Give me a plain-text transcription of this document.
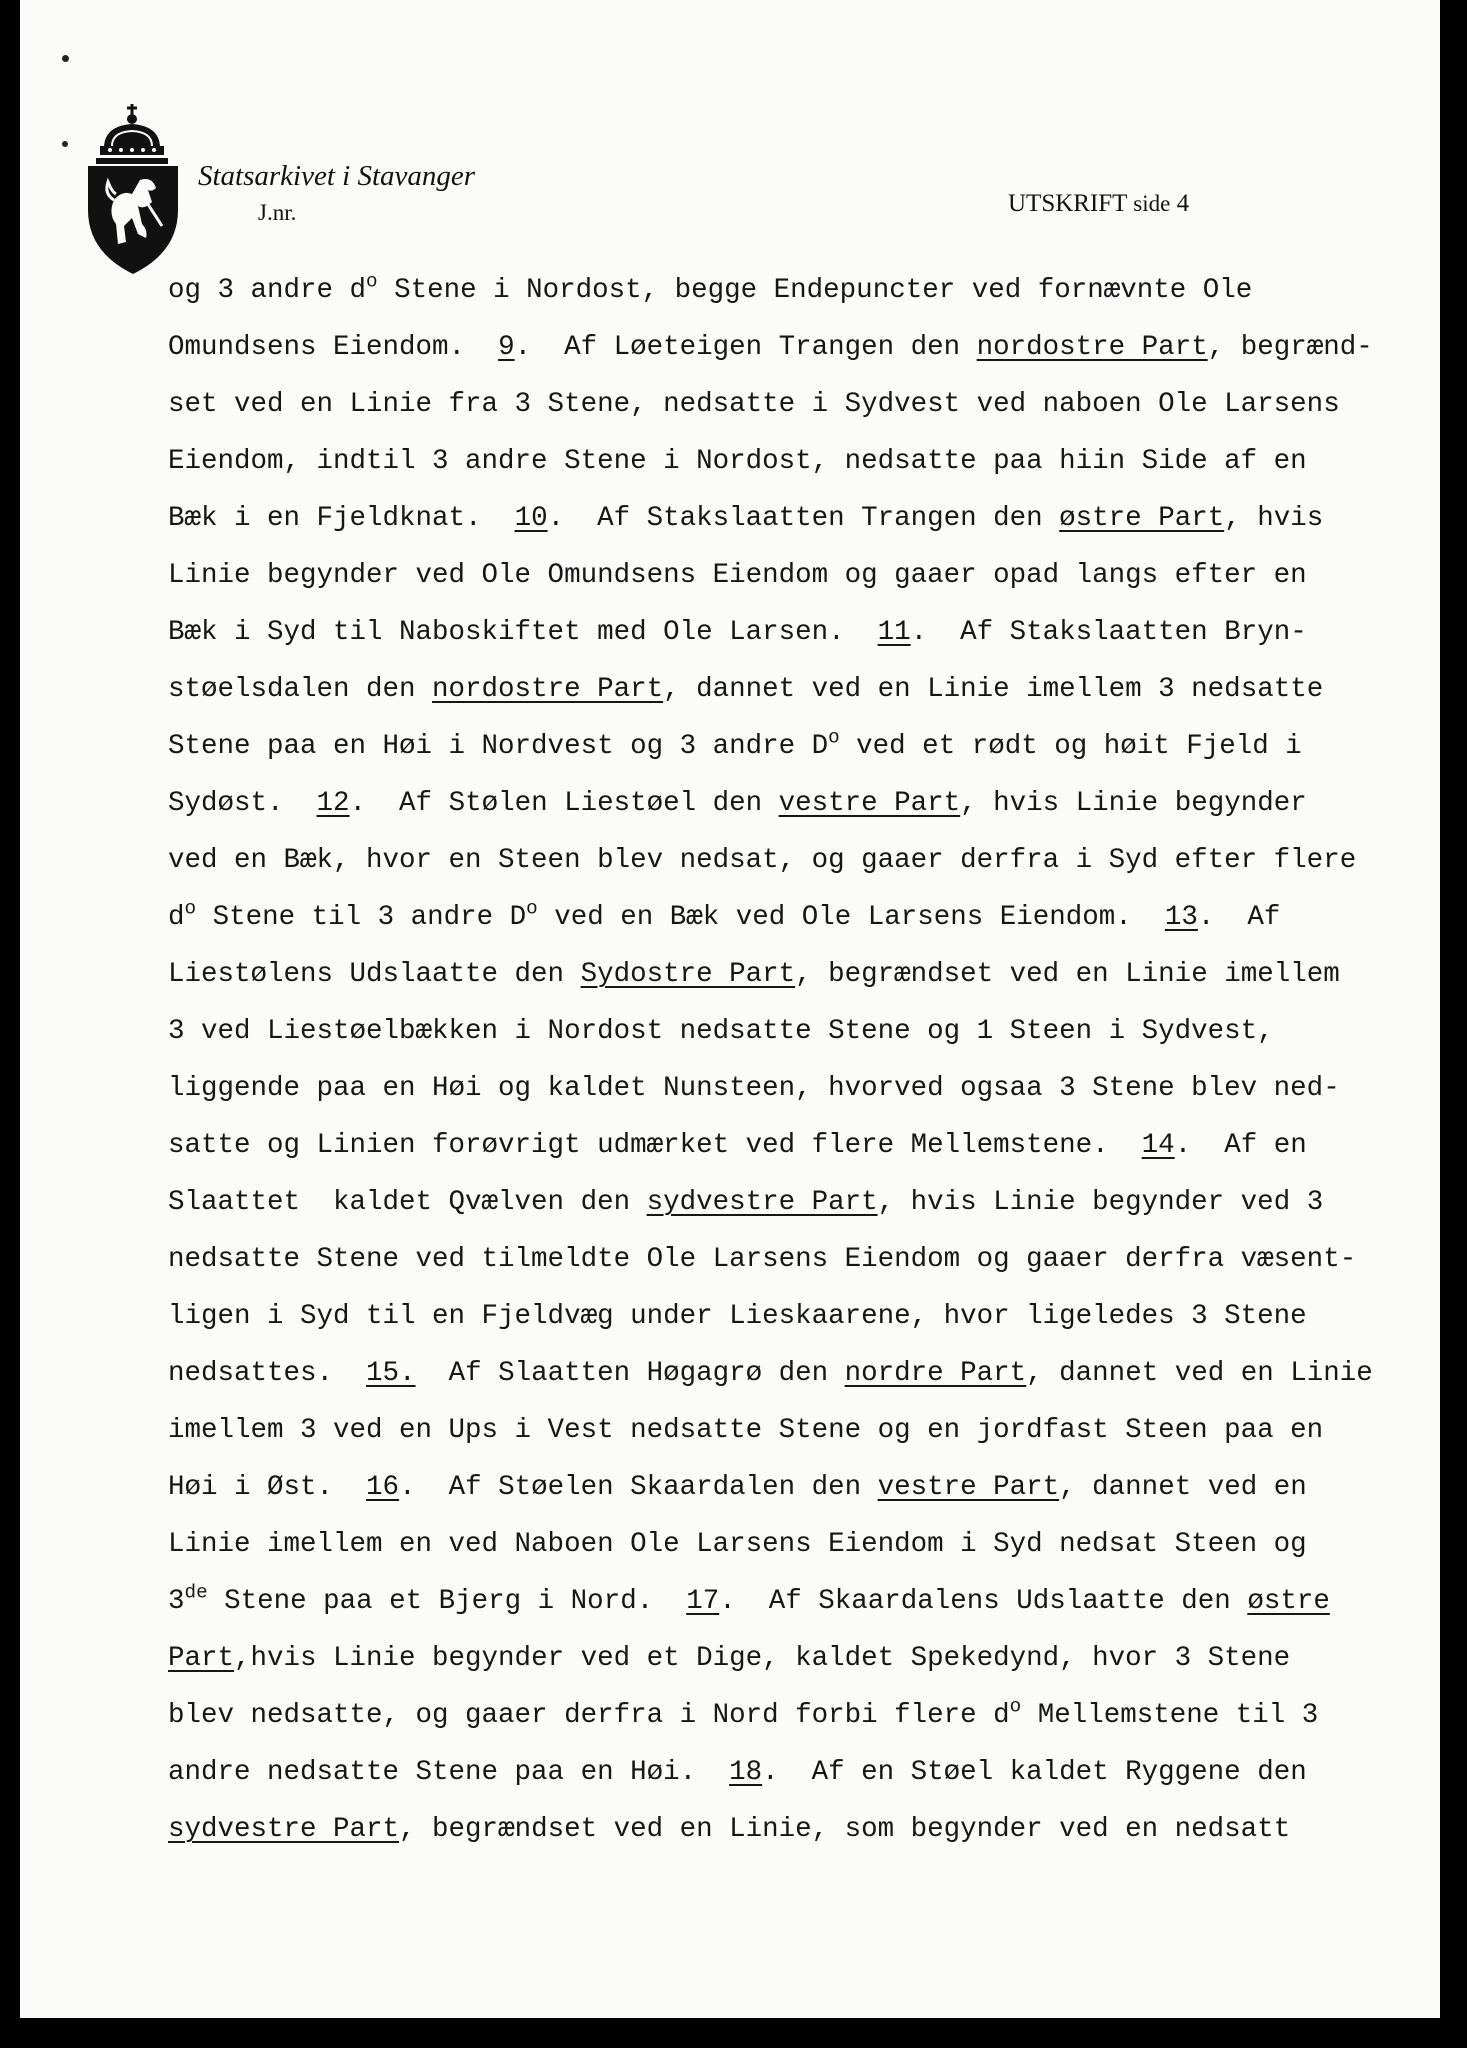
Statsarkivet i Stavanger
J.nr.	UTSKRIFT side 4
og 3 andre $d^o$ Stene i Nordost, begge Endepuncter ved fornævnte Ole
Omundsens Eiendom.  9.  Af Løeteigen Trangen den nordostre Part, begrænd-
set ved en Linie fra 3 Stene, nedsatte i Sydvest ved naboen Ole Larsens
Eiendom, indtil 3 andre Stene i Nordost, nedsatte paa hiin Side af en
Bæk i en Fjeldknat.  10.  Af Stakslaatten Trangen den østre Part, hvis
Linie begynder ved Ole Omundsens Eiendom og gaaer opad langs efter en
Bæk i Syd til Naboskiftet med Ole Larsen.  11.  Af Stakslaatten Bryn-
støelsdalen den nordostre Part, dannet ved en Linie imellem 3 nedsatte
Stene paa en Høi i Nordvest og 3 andre $D^o$ ved et rødt og høit Fjeld i
Sydøst.  12.  Af Stølen Liestøel den vestre Part, hvis Linie begynder
ved en Bæk, hvor en Steen blev nedsat, og gaaer derfra i Syd efter flere
$d^o$ Stene til 3 andre $D^o$ ved en Bæk ved Ole Larsens Eiendom.  13.  Af
Liestølens Udslaatte den Sydostre Part, begrændset ved en Linie imellem
3 ved Liestøelbækken i Nordost nedsatte Stene og 1 Steen i Sydvest,
liggende paa en Høi og kaldet Nunsteen, hvorved ogsaa 3 Stene blev ned-
satte og Linien forøvrigt udmærket ved flere Mellemstene.  14.  Af en
Slaattet  kaldet Qvælven den sydvestre Part, hvis Linie begynder ved 3
nedsatte Stene ved tilmeldte Ole Larsens Eiendom og gaaer derfra væsent-
ligen i Syd til en Fjeldvæg under Lieskaarene, hvor ligeledes 3 Stene
nedsattes.  15.  Af Slaatten Høgagrø den nordre Part, dannet ved en Linie
imellem 3 ved en Ups i Vest nedsatte Stene og en jordfast Steen paa en
Høi i Øst.  16.  Af Støelen Skaardalen den vestre Part, dannet ved en
Linie imellem en ved Naboen Ole Larsens Eiendom i Syd nedsat Steen og
3de Stene paa et Bjerg i Nord.  17.  Af Skaardalens Udslaatte den østre
Part,hvis Linie begynder ved et Dige, kaldet Spekedynd, hvor 3 Stene
blev nedsatte, og gaaer derfra i Nord forbi flere $d^o$ Mellemstene til 3
andre nedsatte Stene paa en Høi.  18.  Af en Støel kaldet Ryggene den
sydvestre Part, begrændset ved en Linie, som begynder ved en nedsatt
